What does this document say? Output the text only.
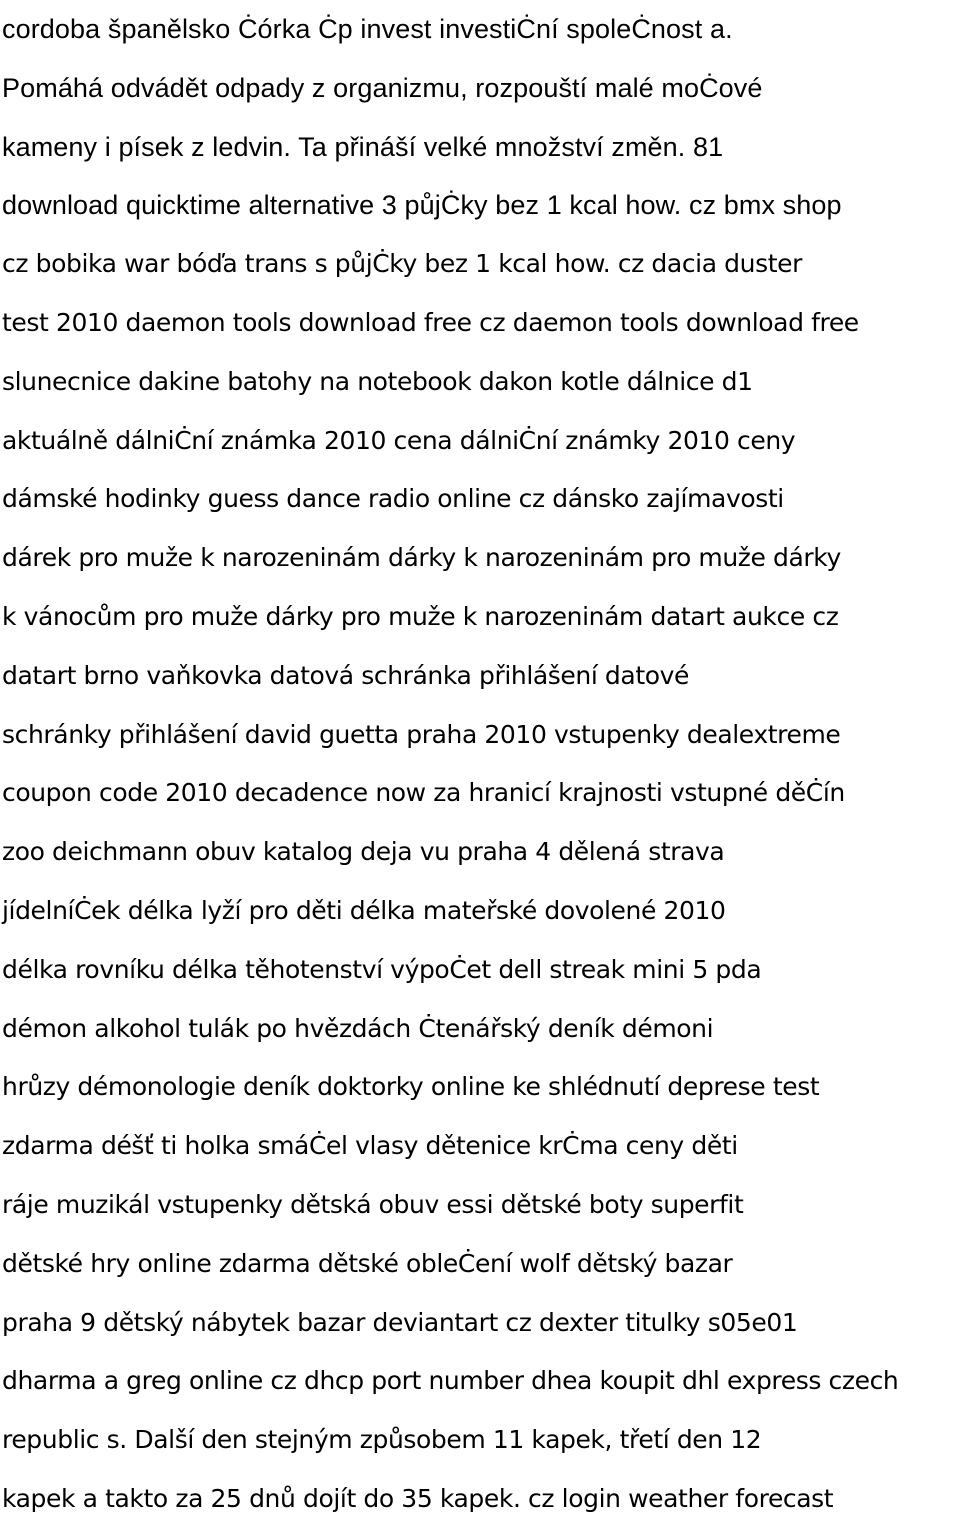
cordoba španělsko Ċórka Ċp invest investiĊní spoleĊnost a.
Pomáhá odvádět odpady z organizmu, rozpouští malé moĊové
kameny i písek z ledvin. Ta přináší velké množství změn. 81
download quicktime alternative 3 půjĊky bez 1 kcal how. cz bmx shop
cz bobika war bóďa trans s půjĊky bez 1 kcal how. cz dacia duster
test 2010 daemon tools download free cz daemon tools download free
slunecnice dakine batohy na notebook dakon kotle dálnice d1
aktuálně dálniĊní známka 2010 cena dálniĊní známky 2010 ceny
dámské hodinky guess dance radio online cz dánsko zajímavosti
dárek pro muže k narozeninám dárky k narozeninám pro muže dárky
k vánocům pro muže dárky pro muže k narozeninám datart aukce cz
datart brno vaňkovka datová schránka přihlášení datové
schránky přihlášení david guetta praha 2010 vstupenky dealextreme
coupon code 2010 decadence now za hranicí krajnosti vstupné děĊín
zoo deichmann obuv katalog deja vu praha 4 dělená strava
jídelníĊek délka lyží pro děti délka mateřské dovolené 2010
délka rovníku délka těhotenství výpoĊet dell streak mini 5 pda
démon alkohol tulák po hvězdách Ċtenářský deník démoni
hrůzy démonologie deník doktorky online ke shlédnutí deprese test
zdarma déšť ti holka smáĊel vlasy dětenice krĊma ceny děti
ráje muzikál vstupenky dětská obuv essi dětské boty superfit
dětské hry online zdarma dětské obleĊení wolf dětský bazar
praha 9 dětský nábytek bazar deviantart cz dexter titulky s05e01
dharma a greg online cz dhcp port number dhea koupit dhl express czech
republic s. Další den stejným způsobem 11 kapek, třetí den 12
kapek a takto za 25 dnů dojít do 35 kapek. cz login weather forecast
